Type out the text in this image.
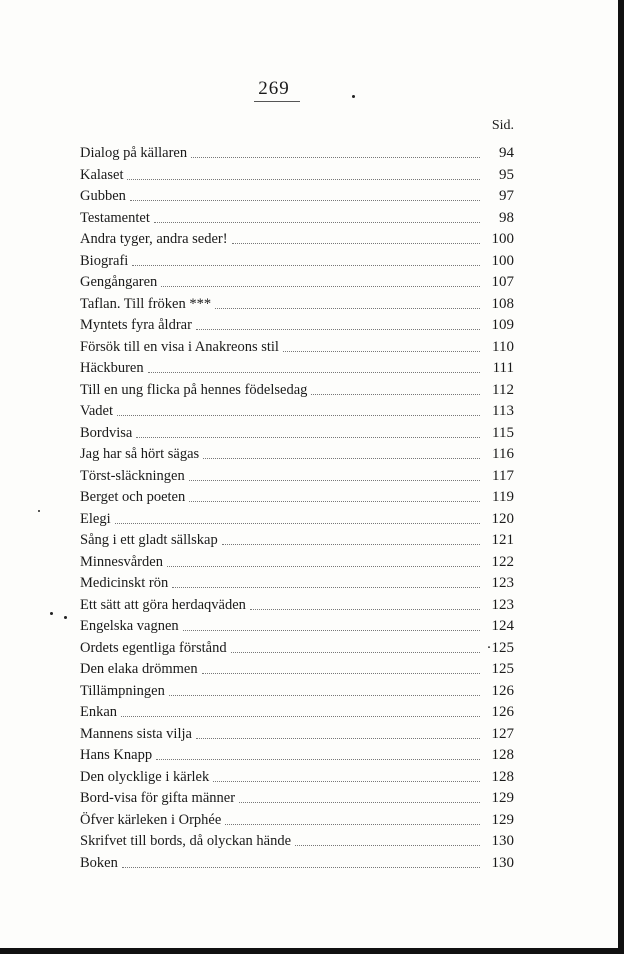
269
Sid.
Dialog på källaren	94
Kalaset	95
Gubben	97
Testamentet	98
Andra tyger, andra seder!	100
Biografi	100
Gengångaren	107
Taflan. Till fröken ***	108
Myntets fyra åldrar	109
Försök till en visa i Anakreons stil	110
Häckburen	111
Till en ung flicka på hennes födelsedag	112
Vadet	113
Bordvisa	115
Jag har så hört sägas	116
Törst-släckningen	117
Berget och poeten	119
Elegi	120
Sång i ett gladt sällskap	121
Minnesvården	122
Medicinskt rön	123
Ett sätt att göra herdaqväden	123
Engelska vagnen	124
Ordets egentliga förstånd	·125
Den elaka drömmen	125
Tillämpningen	126
Enkan	126
Mannens sista vilja	127
Hans Knapp	128
Den olycklige i kärlek	128
Bord-visa för gifta männer	129
Öfver kärleken i Orphée	129
Skrifvet till bords, då olyckan hände	130
Boken	130
